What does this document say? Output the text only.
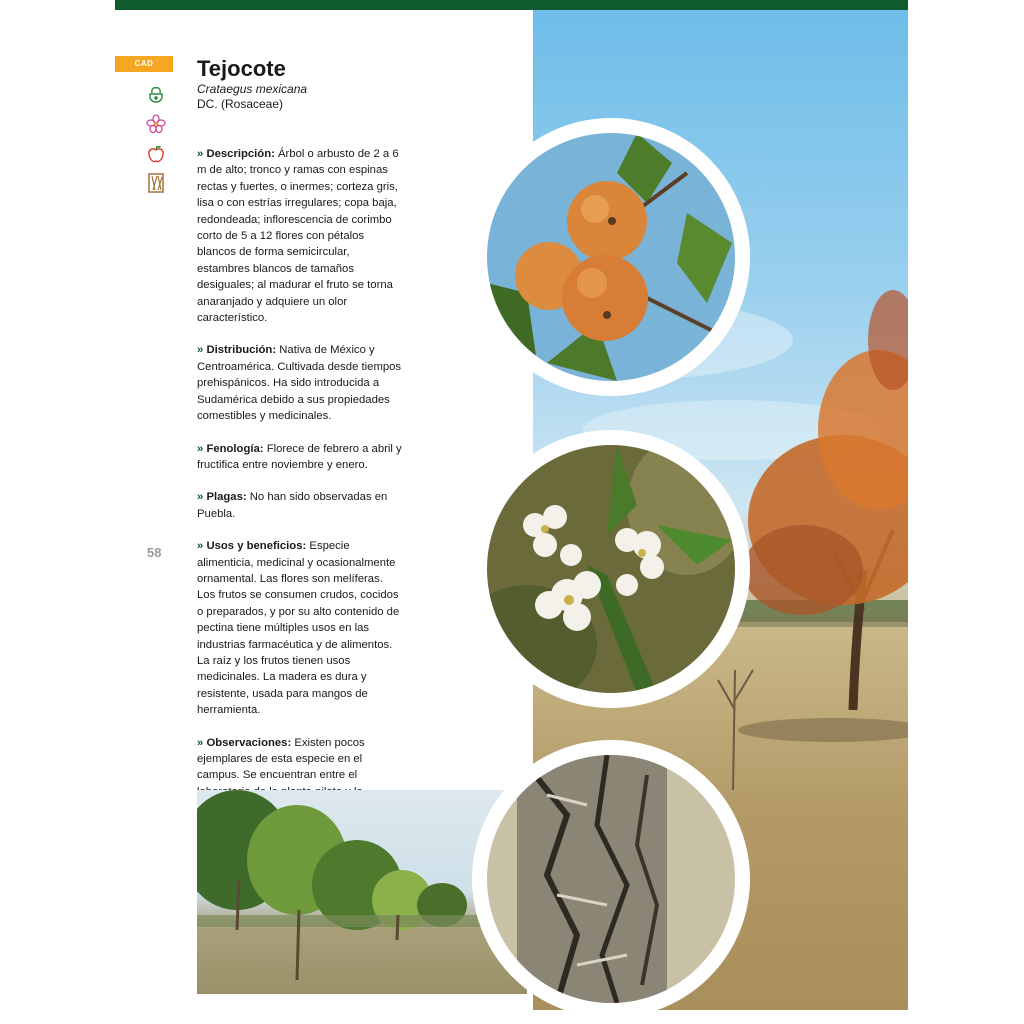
CAD	Tejocote
Crataegus mexicana
DC. (Rosaceae)
58

» Descripción: Árbol o arbusto de 2 a 6 m de alto; tronco y ramas con espinas rectas y fuertes, o inermes; corteza gris, lisa o con estrías irregulares; copa baja, redondeada; inflorescencia de corimbo corto de 5 a 12 flores con pétalos blancos de forma semicircular, estambres blancos de tamaños desiguales; al madurar el fruto se torna anaranjado y adquiere un olor característico.

» Distribución: Nativa de México y Centroamérica. Cultivada desde tiempos prehispánicos. Ha sido introducida a Sudamérica debido a sus propiedades comestibles y medicinales.

» Fenología: Florece de febrero a abril y fructifica entre noviembre y enero.

» Plagas: No han sido observadas en Puebla.

» Usos y beneficios: Especie alimenticia, medicinal y ocasionalmente ornamental. Las flores son melíferas. Los frutos se consumen crudos, cocidos o preparados, y por su alto contenido de pectina tiene múltiples usos en las industrias farmacéutica y de alimentos. La raíz y los frutos tienen usos medicinales. La madera es dura y resistente, usada para mangos de herramienta.

» Observaciones: Existen pocos ejemplares de esta especie en el campus. Se encuentran entre el
